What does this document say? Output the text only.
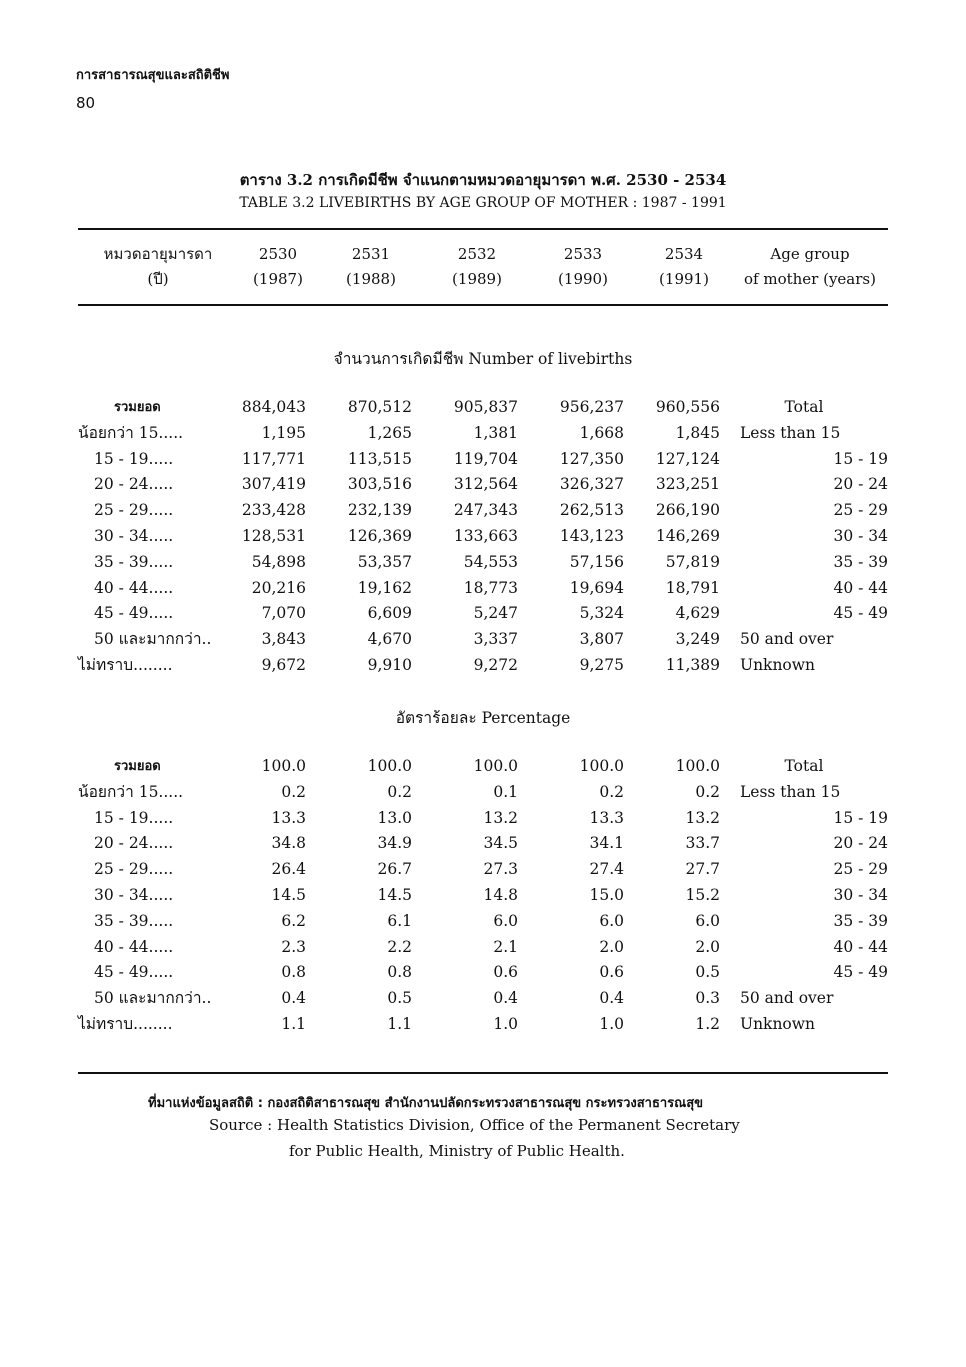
การสาธารณสุขและสถิติชีพ
80
ตาราง 3.2 การเกิดมีชีพ จำแนกตามหมวดอายุมารดา พ.ศ. 2530 - 2534
TABLE 3.2 LIVEBIRTHS BY AGE GROUP OF MOTHER : 1987 - 1991
หมวดอายุมารดา	2530	2531	2532	2533	2534	Age group
(ปี)	(1987)	(1988)	(1989)	(1990)	(1991)	of mother (years)
จำนวนการเกิดมีชีพ Number of livebirths
รวมยอด	884,043	870,512	905,837	956,237	960,556	Total
น้อยกว่า 15.....	1,195	1,265	1,381	1,668	1,845	Less than 15
15 - 19.....	117,771	113,515	119,704	127,350	127,124	15 - 19
20 - 24.....	307,419	303,516	312,564	326,327	323,251	20 - 24
25 - 29.....	233,428	232,139	247,343	262,513	266,190	25 - 29
30 - 34.....	128,531	126,369	133,663	143,123	146,269	30 - 34
35 - 39.....	54,898	53,357	54,553	57,156	57,819	35 - 39
40 - 44.....	20,216	19,162	18,773	19,694	18,791	40 - 44
45 - 49.....	7,070	6,609	5,247	5,324	4,629	45 - 49
50 และมากกว่า..	3,843	4,670	3,337	3,807	3,249	50 and over
ไม่ทราบ........	9,672	9,910	9,272	9,275	11,389	Unknown
อัตราร้อยละ Percentage
รวมยอด	100.0	100.0	100.0	100.0	100.0	Total
น้อยกว่า 15.....	0.2	0.2	0.1	0.2	0.2	Less than 15
15 - 19.....	13.3	13.0	13.2	13.3	13.2	15 - 19
20 - 24.....	34.8	34.9	34.5	34.1	33.7	20 - 24
25 - 29.....	26.4	26.7	27.3	27.4	27.7	25 - 29
30 - 34.....	14.5	14.5	14.8	15.0	15.2	30 - 34
35 - 39.....	6.2	6.1	6.0	6.0	6.0	35 - 39
40 - 44.....	2.3	2.2	2.1	2.0	2.0	40 - 44
45 - 49.....	0.8	0.8	0.6	0.6	0.5	45 - 49
50 และมากกว่า..	0.4	0.5	0.4	0.4	0.3	50 and over
ไม่ทราบ........	1.1	1.1	1.0	1.0	1.2	Unknown
ที่มาแห่งข้อมูลสถิติ : กองสถิติสาธารณสุข สำนักงานปลัดกระทรวงสาธารณสุข กระทรวงสาธารณสุข
Source : Health Statistics Division, Office of the Permanent Secretary
for Public Health, Ministry of Public Health.
